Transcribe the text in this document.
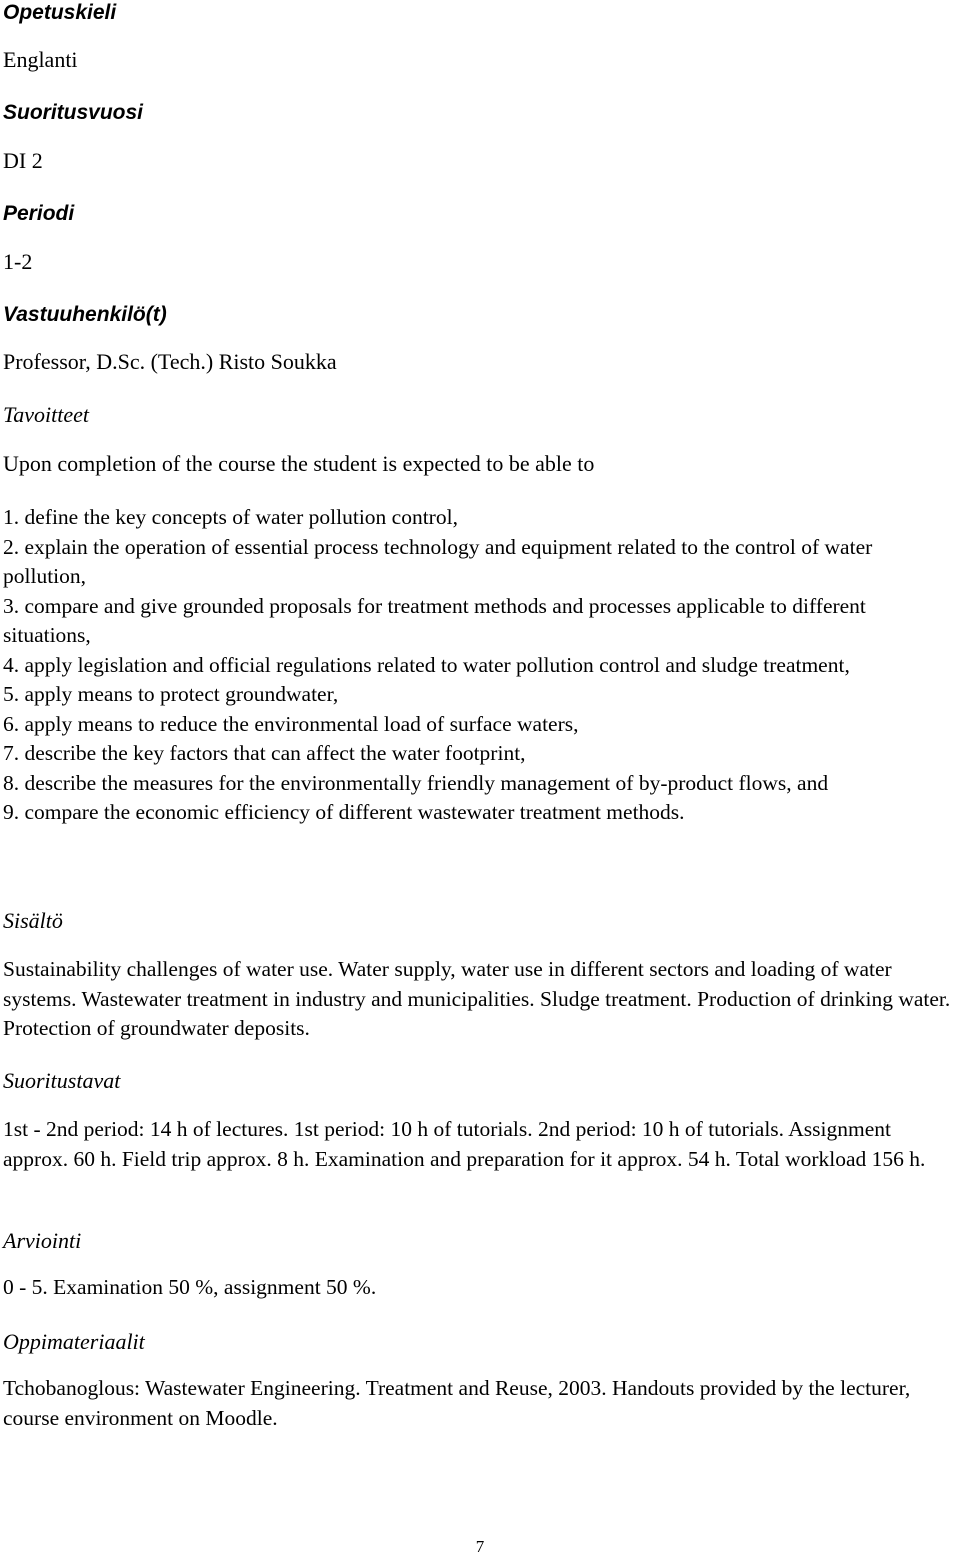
Opetuskieli
Englanti
Suoritusvuosi
DI 2
Periodi
1-2
Vastuuhenkilö(t)
Professor, D.Sc. (Tech.) Risto Soukka
Tavoitteet
Upon completion of the course the student is expected to be able to
1. define the key concepts of water pollution control,
2. explain the operation of essential process technology and equipment related to the control of water pollution,
3. compare and give grounded proposals for treatment methods and processes applicable to different situations,
4. apply legislation and official regulations related to water pollution control and sludge treatment,
5. apply means to protect groundwater,
6. apply means to reduce the environmental load of surface waters,
7. describe the key factors that can affect the water footprint,
8. describe the measures for the environmentally friendly management of by-product flows, and
9. compare the economic efficiency of different wastewater treatment methods.
Sisältö
Sustainability challenges of water use. Water supply, water use in different sectors and loading of water systems. Wastewater treatment in industry and municipalities. Sludge treatment. Production of drinking water. Protection of groundwater deposits.
Suoritustavat
1st - 2nd period: 14 h of lectures. 1st period: 10 h of tutorials. 2nd period: 10 h of tutorials. Assignment approx. 60 h. Field trip approx. 8 h. Examination and preparation for it approx. 54 h. Total workload 156 h.
Arviointi
0 - 5. Examination 50 %, assignment 50 %.
Oppimateriaalit
Tchobanoglous: Wastewater Engineering. Treatment and Reuse, 2003. Handouts provided by the lecturer, course environment on Moodle.
7
